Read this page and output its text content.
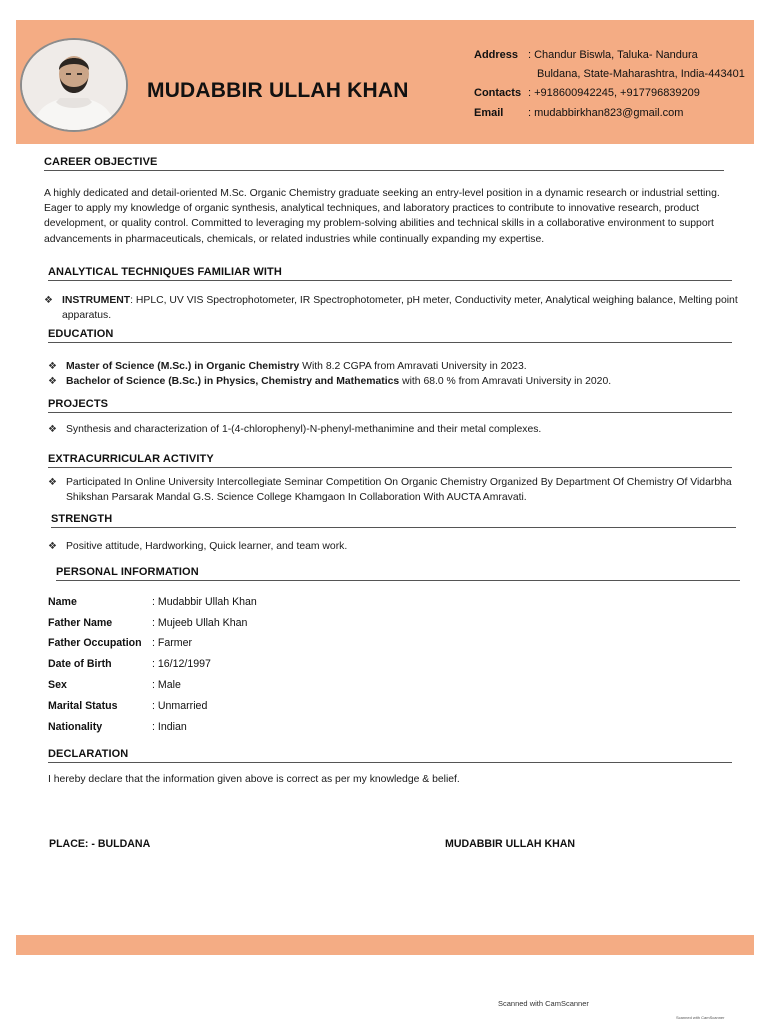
MUDABBIR ULLAH KHAN
Address : Chandur Biswla, Taluka- Nandura
Buldana, State-Maharashtra, India-443401
Contacts : +918600942245, +917796839209
Email : mudabbirkhan823@gmail.com
CAREER OBJECTIVE

A highly dedicated and detail-oriented M.Sc. Organic Chemistry graduate seeking an entry-level position in a dynamic research or industrial setting. Eager to apply my knowledge of organic synthesis, analytical techniques, and laboratory practices to contribute to innovative research, product development, or quality control. Committed to leveraging my problem-solving abilities and technical skills in a collaborative environment to support advancements in pharmaceuticals, chemicals, or related industries while continually expanding my expertise.

ANALYTICAL TECHNIQUES FAMILIAR WITH
❖ INSTRUMENT: HPLC, UV VIS Spectrophotometer, IR Spectrophotometer, pH meter, Conductivity meter, Analytical weighing balance, Melting point apparatus.
EDUCATION
❖ Master of Science (M.Sc.) in Organic Chemistry With 8.2 CGPA from Amravati University in 2023.
❖ Bachelor of Science (B.Sc.) in Physics, Chemistry and Mathematics with 68.0 % from Amravati University in 2020.
PROJECTS
❖ Synthesis and characterization of 1-(4-chlorophenyl)-N-phenyl-methanimine and their metal complexes.
EXTRACURRICULAR ACTIVITY
❖ Participated In Online University Intercollegiate Seminar Competition On Organic Chemistry Organized By Department Of Chemistry Of Vidarbha Shikshan Parsarak Mandal G.S. Science College Khamgaon In Collaboration With AUCTA Amravati.
STRENGTH
❖ Positive attitude, Hardworking, Quick learner, and team work.
PERSONAL INFORMATION
Name	: Mudabbir Ullah Khan
Father Name	: Mujeeb Ullah Khan
Father Occupation : Farmer
Date of Birth	: 16/12/1997
Sex	: Male
Marital Status	: Unmarried
Nationality	: Indian
DECLARATION

I hereby declare that the information given above is correct as per my knowledge & belief.

PLACE: - BULDANA	MUDABBIR ULLAH KHAN
Scanned with CamScanner
Scanned with CamScanner
